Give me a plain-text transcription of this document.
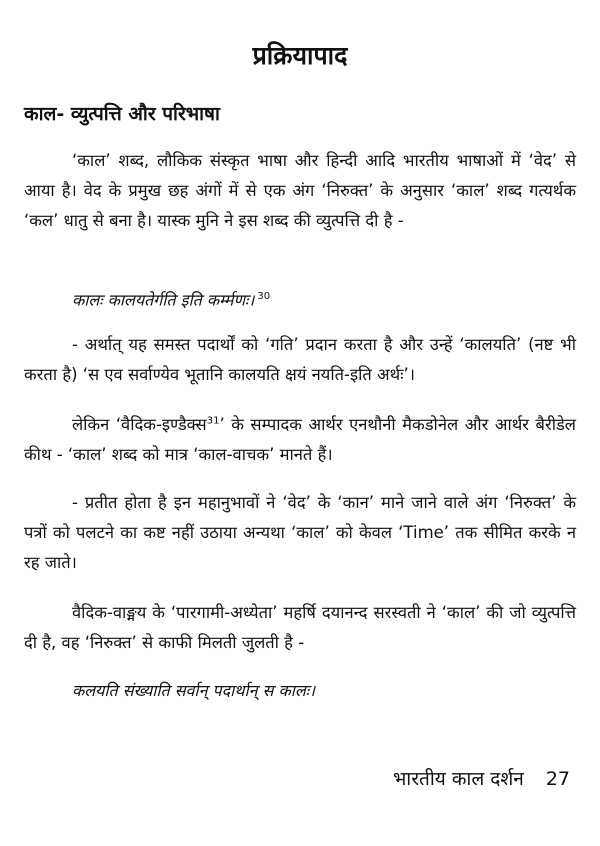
प्रक्रियापाद
काल- व्युत्पत्ति और परिभाषा
‘काल’ शब्द, लौकिक संस्कृत भाषा और हिन्दी आदि भारतीय भाषाओं में ‘वेद’ से आया है। वेद के प्रमुख छह अंगों में से एक अंग ‘निरुक्त’ के अनुसार ‘काल’ शब्द गत्यर्थक ‘कल’ धातु से बना है। यास्क मुनि ने इस शब्द की व्युत्पत्ति दी है -
कालः कालयतेर्गति इति कर्म्मणः। $^{30}$
- अर्थात् यह समस्त पदार्थों को ‘गति’ प्रदान करता है और उन्हें ‘कालयति’ (नष्ट भी करता है) ‘स एव सर्वाण्येव भूतानि कालयति क्षयं नयति-इति अर्थः’।
लेकिन ‘वैदिक-इण्डैक्स$^{31}$’ के सम्पादक आर्थर एनथौनी मैकडोनेल और आर्थर बैरीडेल कीथ - ‘काल’ शब्द को मात्र ‘काल-वाचक’ मानते हैं।
- प्रतीत होता है इन महानुभावों ने ‘वेद’ के ‘कान’ माने जाने वाले अंग ‘निरुक्त’ के पत्रों को पलटने का कष्ट नहीं उठाया अन्यथा ‘काल’ को केवल ‘Time’ तक सीमित करके न रह जाते।
वैदिक-वाङ्मय के ‘पारगामी-अध्येता’ महर्षि दयानन्द सरस्वती ने ‘काल’ की जो व्युत्पत्ति दी है, वह ‘निरुक्त’ से काफी मिलती जुलती है -
कलयति संख्याति सर्वान् पदार्थान् स कालः।
भारतीय काल दर्शन 27
